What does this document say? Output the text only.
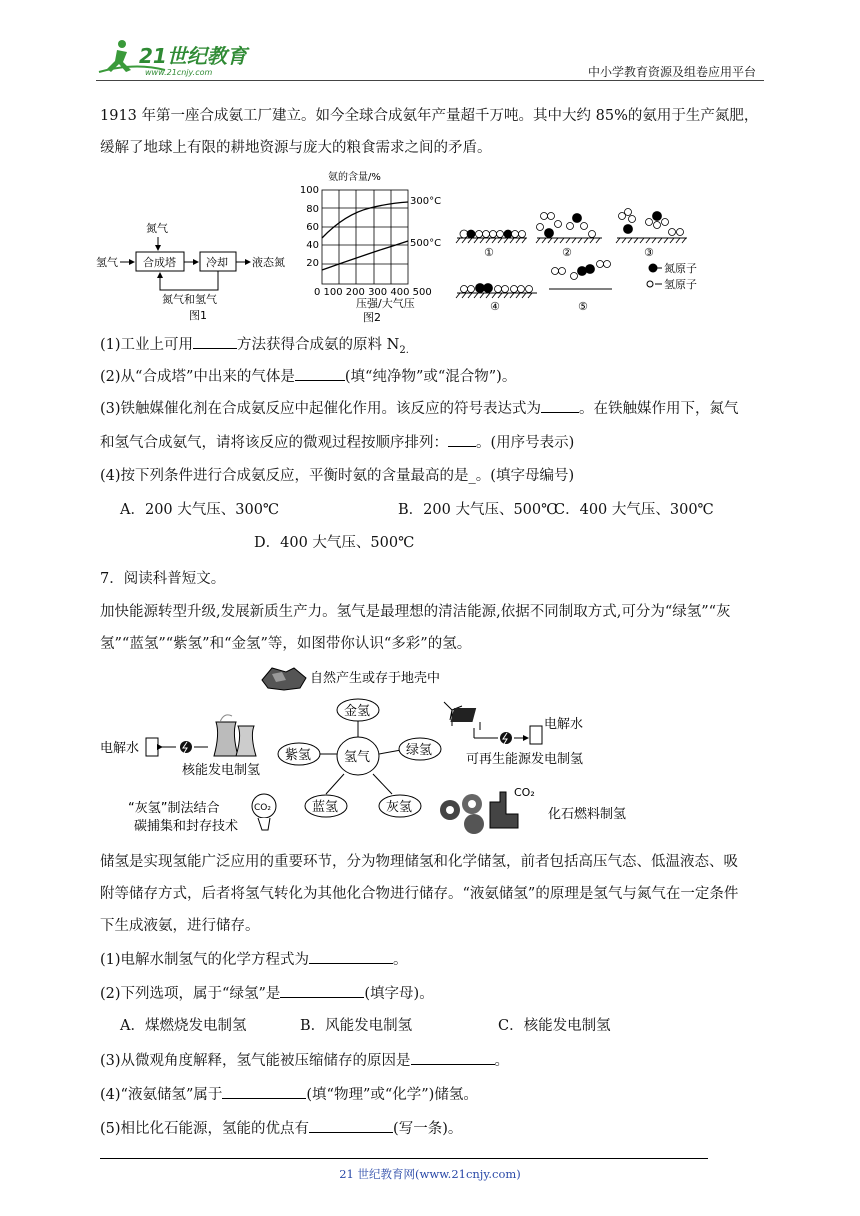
21世纪教育
www.21cnjy.com	中小学教育资源及组卷应用平台
1913 年第一座合成氨工厂建立。如今全球合成氨年产量超千万吨。其中大约 85%的氨用于生产氮肥，
缓解了地球上有限的耕地资源与庞大的粮食需求之间的矛盾。
氮气
氢气 合成塔	冷却 液态氮
氮气和氢气
图1
氨的含量/%
100
80
60
40
20
300°C
500°C
0 100 200 300 400 500
压强/大气压
图2
①	②	③
④	⑤
氮原子
氢原子
(1)工业上可用	方法获得合成氨的原料 $N_{2.}$
(2)从“合成塔”中出来的气体是	(填“纯净物”或“混合物”)。
(3)铁触媒催化剂在合成氨反应中起催化作用。该反应的符号表达式为	。在铁触媒作用下，氮气
和氢气合成氨气，请将该反应的微观过程按顺序排列： 。(用序号表示)
(4)按下列条件进行合成氨反应，平衡时氨的含量最高的是_。(填字母编号)
A．200 大气压、300℃	B．200 大气压、500℃
C．400 大气压、300℃
D．400 大气压、500℃
7．阅读科普短文。
加快能源转型升级,发展新质生产力。氢气是最理想的清洁能源,依据不同制取方式,可分为“绿氢”“灰
氢”“蓝氢”“紫氢”和“金氢”等，如图带你认识“多彩”的氢。
氢气
金氢
紫氢	绿氢
蓝氢	灰氢
自然产生或存于地壳中
电解水
核能发电制氢
电解水
可再生能源发电制氢
“灰氢”制法结合
碳捕集和封存技术
CO₂
CO₂
化石燃料制氢
储氢是实现氢能广泛应用的重要环节，分为物理储氢和化学储氢，前者包括高压气态、低温液态、吸
附等储存方式，后者将氢气转化为其他化合物进行储存。“液氨储氢”的原理是氢气与氮气在一定条件
下生成液氨，进行储存。
(1)电解水制氢气的化学方程式为	。
(2)下列选项，属于“绿氢”是	(填字母)。
A．煤燃烧发电制氢	B．风能发电制氢	C．核能发电制氢
(3)从微观角度解释，氢气能被压缩储存的原因是	。
(4)“液氨储氢”属于	(填“物理”或“化学”)储氢。
(5)相比化石能源，氢能的优点有	(写一条)。
21 世纪教育网(www.21cnjy.com)
